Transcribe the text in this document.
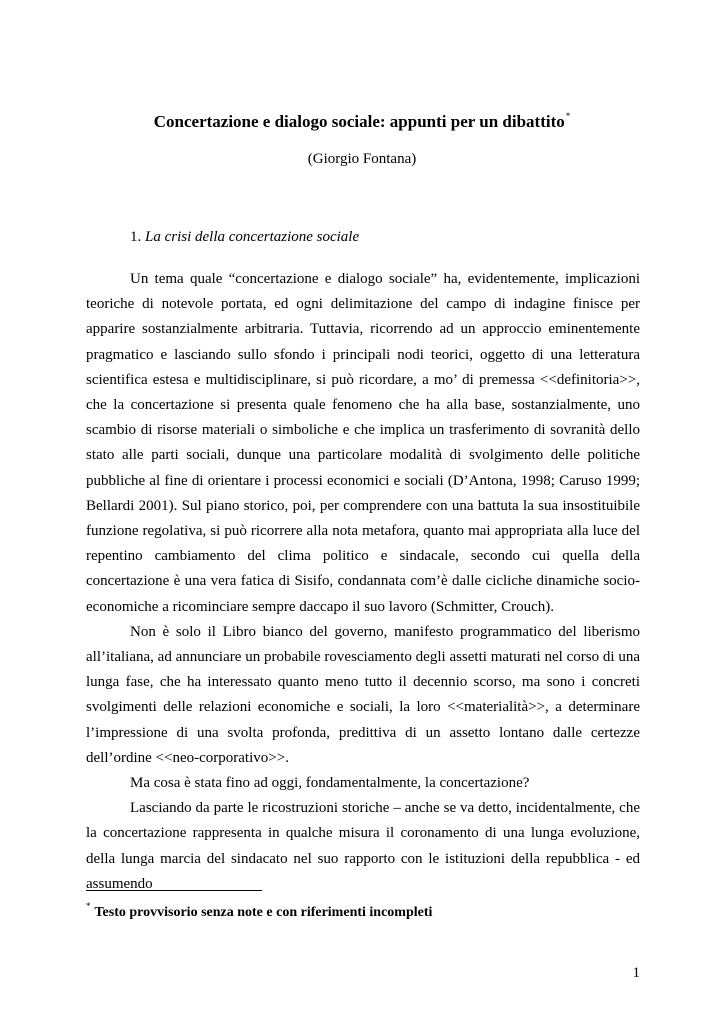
Concertazione e dialogo sociale: appunti per un dibattito*
(Giorgio Fontana)
1. La crisi della concertazione sociale

Un tema quale “concertazione e dialogo sociale” ha, evidentemente, implicazioni teoriche di notevole portata, ed ogni delimitazione del campo di indagine finisce per apparire sostanzialmente arbitraria. Tuttavia, ricorrendo ad un approccio eminentemente pragmatico e lasciando sullo sfondo i principali nodi teorici, oggetto di una letteratura scientifica estesa e multidisciplinare, si può ricordare, a mo’ di premessa <<definitoria>>, che la concertazione si presenta quale fenomeno che ha alla base, sostanzialmente, uno scambio di risorse materiali o simboliche e che implica un trasferimento di sovranità dello stato alle parti sociali, dunque una particolare modalità di svolgimento delle politiche pubbliche al fine di orientare i processi economici e sociali (D’Antona, 1998; Caruso 1999; Bellardi 2001). Sul piano storico, poi, per comprendere con una battuta la sua insostituibile funzione regolativa, si può ricorrere alla nota metafora, quanto mai appropriata alla luce del repentino cambiamento del clima politico e sindacale, secondo cui quella della concertazione è una vera fatica di Sisifo, condannata com’è dalle cicliche dinamiche socio-economiche a ricominciare sempre daccapo il suo lavoro (Schmitter, Crouch).

Non è solo il Libro bianco del governo, manifesto programmatico del liberismo all’italiana, ad annunciare un probabile rovesciamento degli assetti maturati nel corso di una lunga fase, che ha interessato quanto meno tutto il decennio scorso, ma sono i concreti svolgimenti delle relazioni economiche e sociali, la loro <<materialità>>, a determinare l’impressione di una svolta profonda, predittiva di un assetto lontano dalle certezze dell’ordine <<neo-corporativo>>.

Ma cosa è stata fino ad oggi, fondamentalmente, la concertazione?

Lasciando da parte le ricostruzioni storiche – anche se va detto, incidentalmente, che la concertazione rappresenta in qualche misura il coronamento di una lunga evoluzione, della lunga marcia del sindacato nel suo rapporto con le istituzioni della repubblica - ed assumendo

* Testo provvisorio senza note e con riferimenti incompleti
1
